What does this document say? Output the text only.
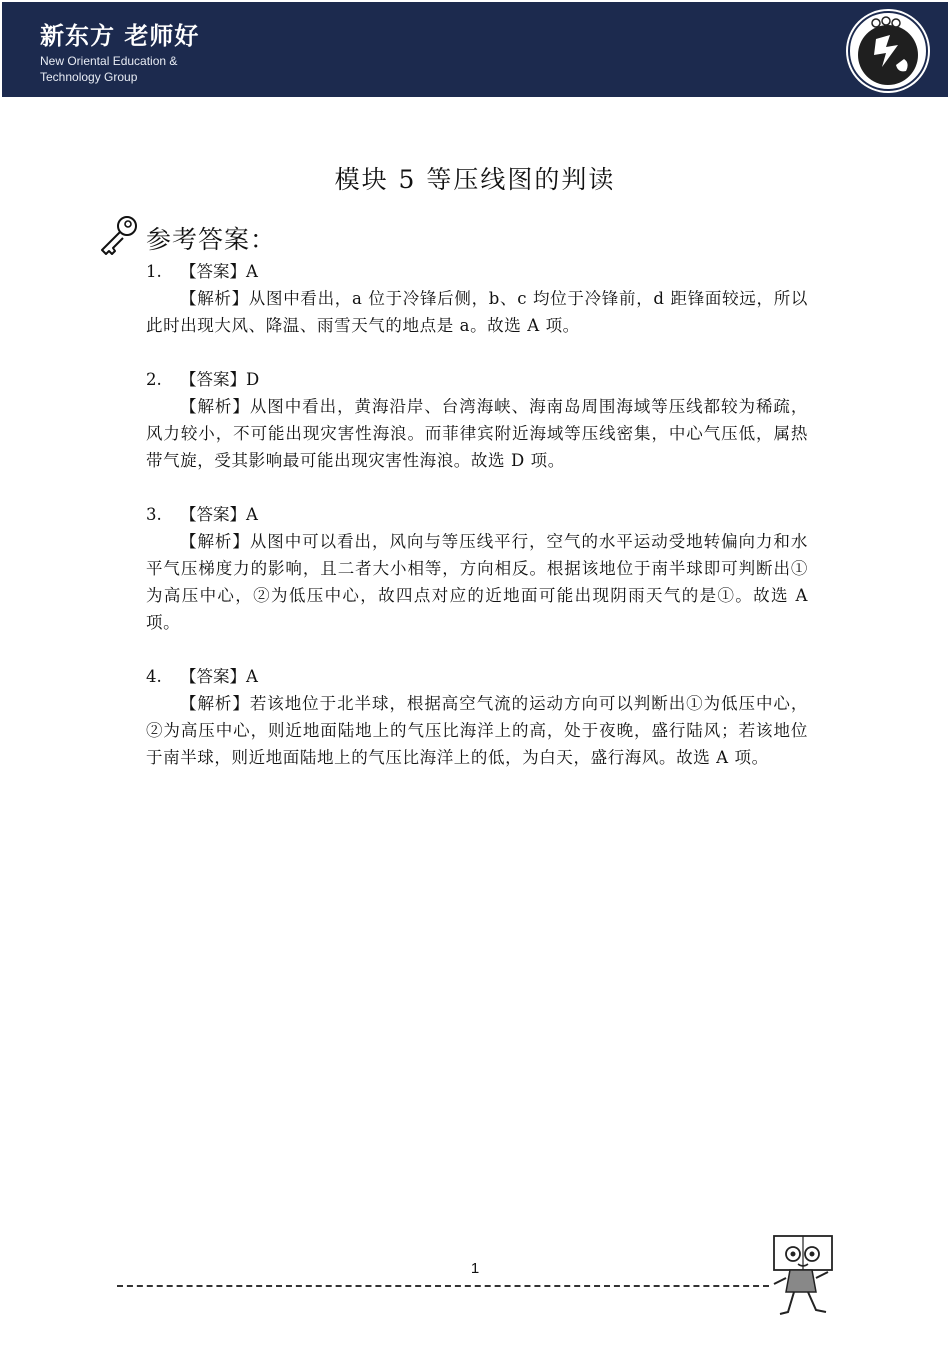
新东方 老师好
New Oriental Education &
Technology Group
模块 5 等压线图的判读
参考答案：
1.	【答案】A
【解析】从图中看出，a 位于冷锋后侧，b、c 均位于冷锋前，d 距锋面较远，所以此时出现大风、降温、雨雪天气的地点是 a。故选 A 项。
2.	【答案】D
【解析】从图中看出，黄海沿岸、台湾海峡、海南岛周围海域等压线都较为稀疏，风力较小，不可能出现灾害性海浪。而菲律宾附近海域等压线密集，中心气压低，属热带气旋，受其影响最可能出现灾害性海浪。故选 D 项。
3.	【答案】A
【解析】从图中可以看出，风向与等压线平行，空气的水平运动受地转偏向力和水平气压梯度力的影响，且二者大小相等，方向相反。根据该地位于南半球即可判断出①为高压中心，②为低压中心，故四点对应的近地面可能出现阴雨天气的是①。故选 A 项。
4.	【答案】A
【解析】若该地位于北半球，根据高空气流的运动方向可以判断出①为低压中心，②为高压中心，则近地面陆地上的气压比海洋上的高，处于夜晚，盛行陆风；若该地位于南半球，则近地面陆地上的气压比海洋上的低，为白天，盛行海风。故选 A 项。
1
